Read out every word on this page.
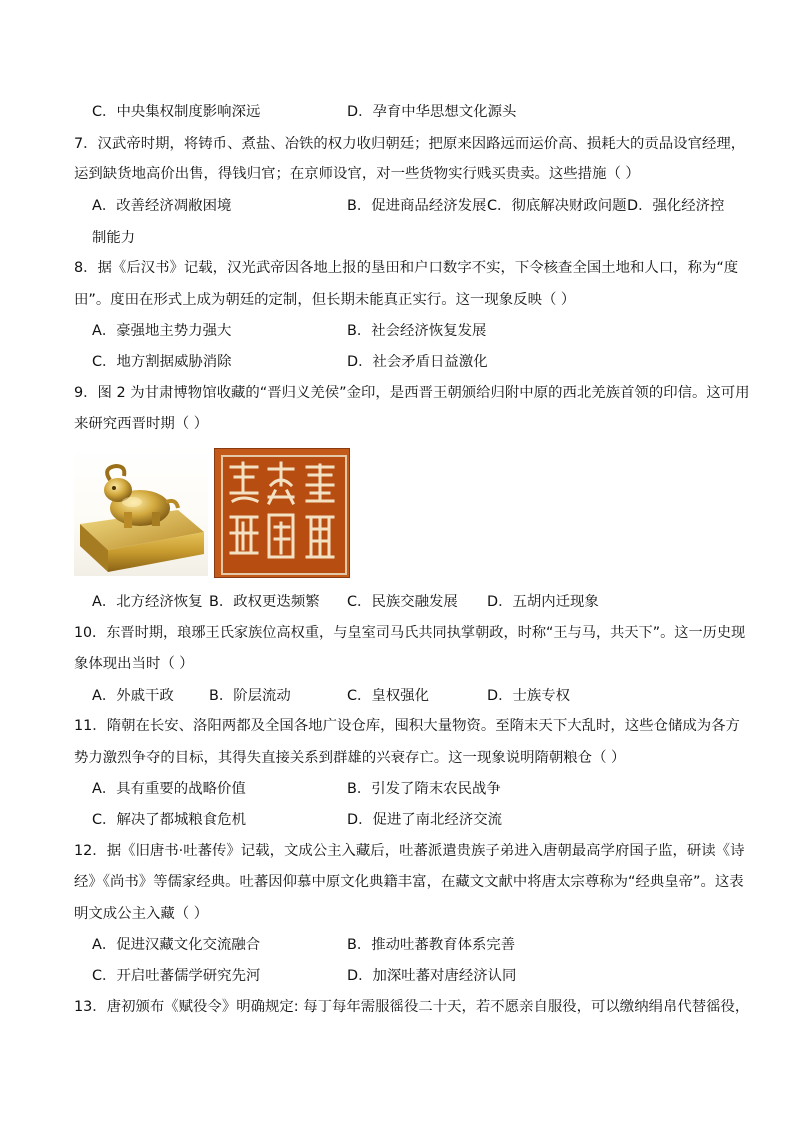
C．中央集权制度影响深远	D．孕育中华思想文化源头
7．汉武帝时期，将铸币、煮盐、冶铁的权力收归朝廷；把原来因路远而运价高、损耗大的贡品设官经理，
运到缺货地高价出售，得钱归官；在京师设官，对一些货物实行贱买贵卖。这些措施（ ）
A．改善经济凋敝困境	B．促进商品经济发展 C．彻底解决财政问题 D．强化经济控
制能力
8．据《后汉书》记载，汉光武帝因各地上报的垦田和户口数字不实，下令核查全国土地和人口，称为“度
田”。度田在形式上成为朝廷的定制，但长期未能真正实行。这一现象反映（ ）
A．豪强地主势力强大	B．社会经济恢复发展
C．地方割据威胁消除	D．社会矛盾日益激化
9．图 2 为甘肃博物馆收藏的“晋归义羌侯”金印，是西晋王朝颁给归附中原的西北羌族首领的印信。这可用
来研究西晋时期（ ）
A．北方经济恢复 B．政权更迭频繁 C．民族交融发展 D．五胡内迁现象
10．东晋时期，琅琊王氏家族位高权重，与皇室司马氏共同执掌朝政，时称“王与马，共天下”。这一历史现
象体现出当时（ ）
A．外戚干政 B．阶层流动	C．皇权强化	D．士族专权
11．隋朝在长安、洛阳两都及全国各地广设仓库，囤积大量物资。至隋末天下大乱时，这些仓储成为各方
势力激烈争夺的目标，其得失直接关系到群雄的兴衰存亡。这一现象说明隋朝粮仓（ ）
A．具有重要的战略价值	B．引发了隋末农民战争
C．解决了都城粮食危机	D．促进了南北经济交流
12．据《旧唐书·吐蕃传》记载，文成公主入藏后，吐蕃派遣贵族子弟进入唐朝最高学府国子监，研读《诗
经》《尚书》等儒家经典。吐蕃因仰慕中原文化典籍丰富，在藏文文献中将唐太宗尊称为“经典皇帝”。这表
明文成公主入藏（ ）
A．促进汉藏文化交流融合	B．推动吐蕃教育体系完善
C．开启吐蕃儒学研究先河	D．加深吐蕃对唐经济认同
13．唐初颁布《赋役令》明确规定: 每丁每年需服徭役二十天，若不愿亲自服役，可以缴纳绢帛代替徭役，
